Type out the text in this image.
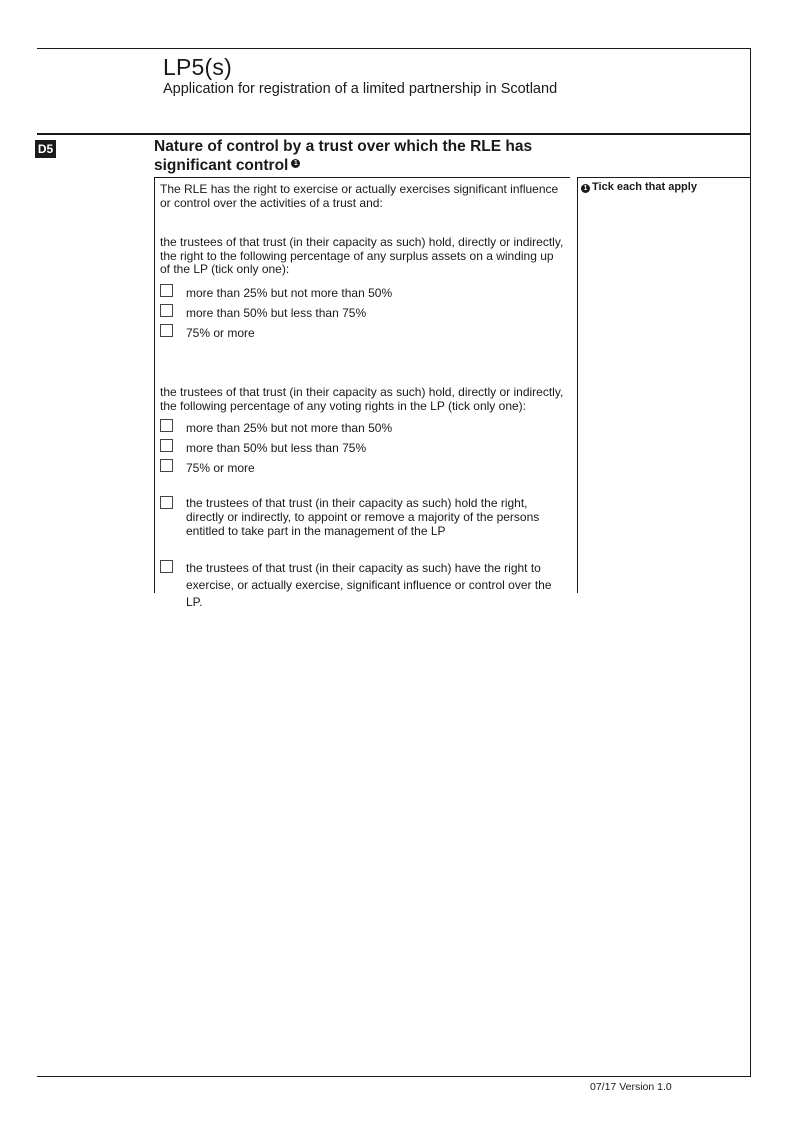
LP5(s)
Application for registration of a limited partnership in Scotland
D5	Nature of control by a trust over which the RLE has significant control 1
1 Tick each that apply
The RLE has the right to exercise or actually exercises significant influence or control over the activities of a trust and:
the trustees of that trust (in their capacity as such) hold, directly or indirectly, the right to the following percentage of any surplus assets on a winding up of the LP (tick only one):
more than 25% but not more than 50%
more than 50% but less than 75%
75% or more
the trustees of that trust (in their capacity as such) hold, directly or indirectly, the following percentage of any voting rights in the LP (tick only one):
more than 25% but not more than 50%
more than 50% but less than 75%
75% or more
the trustees of that trust (in their capacity as such) hold the right, directly or indirectly, to appoint or remove a majority of the persons entitled to take part in the management of the LP
the trustees of that trust (in their capacity as such) have the right to exercise, or actually exercise, significant influence or control over the LP.
07/17 Version 1.0
